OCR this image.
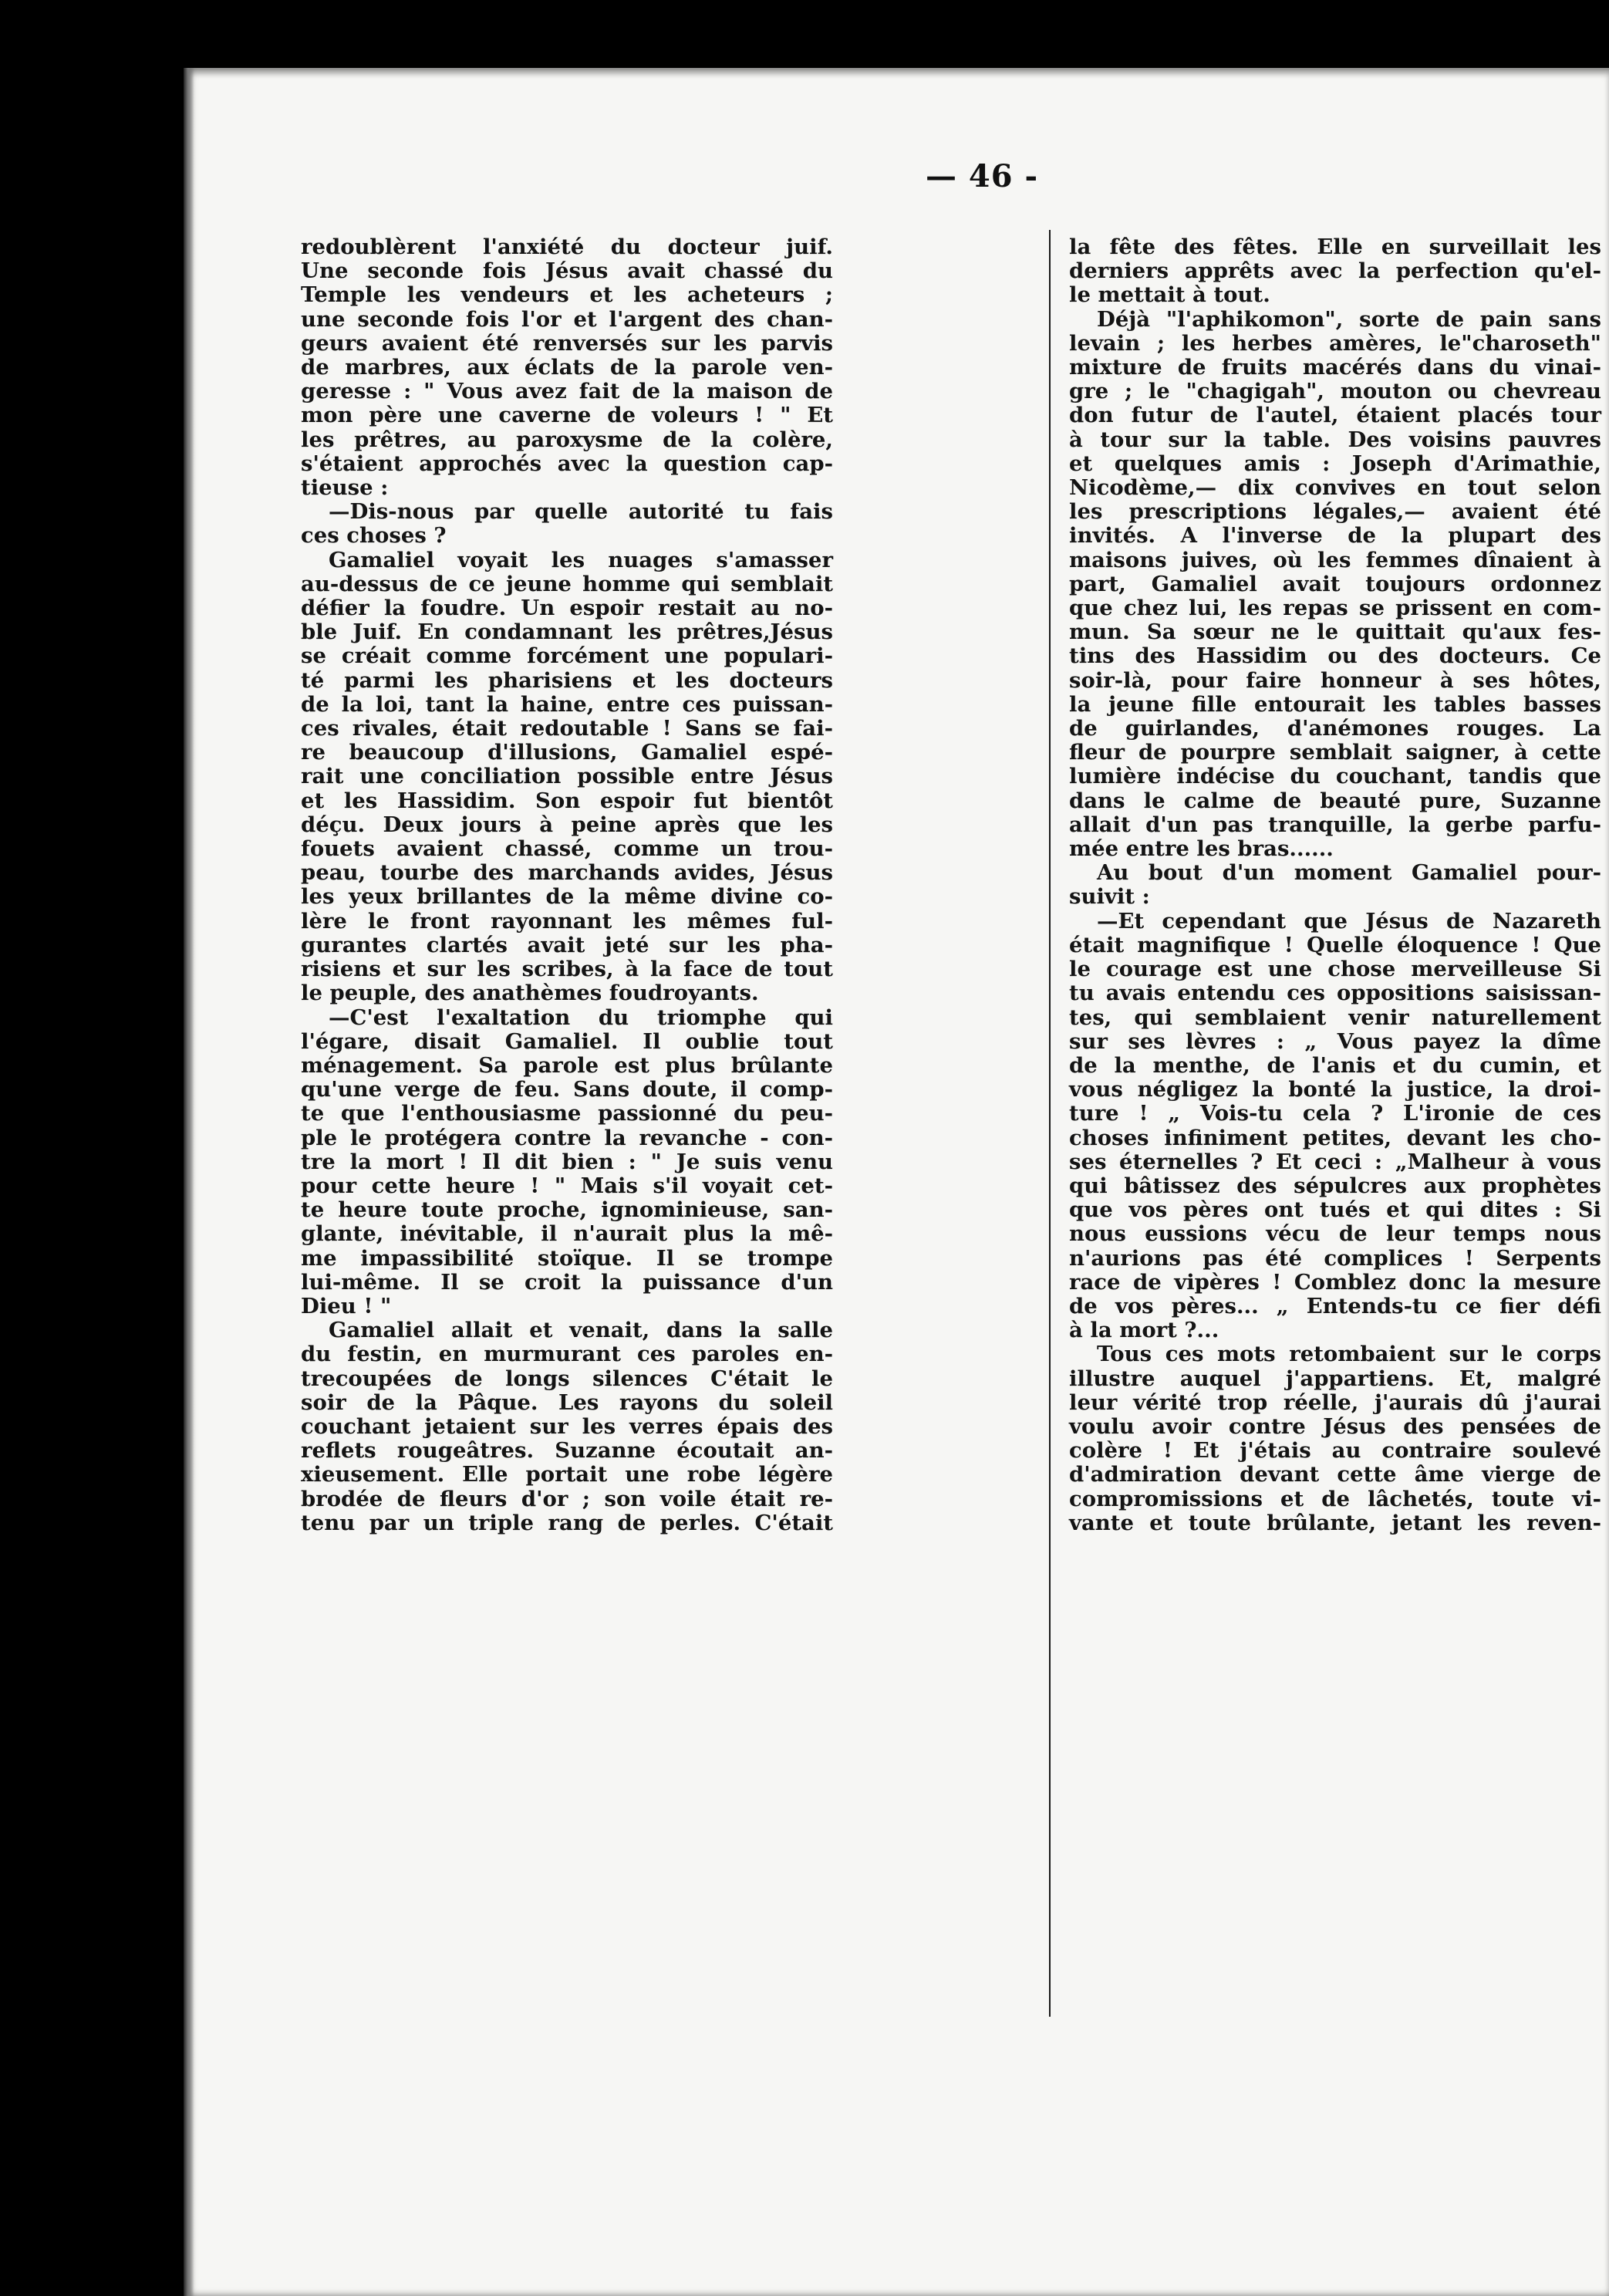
— 46 -
redoublèrent l'anxiété du docteur juif.
Une seconde fois Jésus avait chassé du
Temple les vendeurs et les acheteurs ;
une seconde fois l'or et l'argent des chan-
geurs avaient été renversés sur les parvis
de marbres, aux éclats de la parole ven-
geresse : " Vous avez fait de la maison de
mon père une caverne de voleurs ! " Et
les prêtres, au paroxysme de la colère,
s'étaient approchés avec la question cap-
tieuse :
—Dis-nous par quelle autorité tu fais
ces choses ?
Gamaliel voyait les nuages s'amasser
au-dessus de ce jeune homme qui semblait
défier la foudre. Un espoir restait au no-
ble Juif. En condamnant les prêtres,Jésus
se créait comme forcément une populari-
té parmi les pharisiens et les docteurs
de la loi, tant la haine, entre ces puissan-
ces rivales, était redoutable ! Sans se fai-
re beaucoup d'illusions, Gamaliel espé-
rait une conciliation possible entre Jésus
et les Hassidim. Son espoir fut bientôt
déçu. Deux jours à peine après que les
fouets avaient chassé, comme un trou-
peau, tourbe des marchands avides, Jésus
les yeux brillantes de la même divine co-
lère le front rayonnant les mêmes ful-
gurantes clartés avait jeté sur les pha-
risiens et sur les scribes, à la face de tout
le peuple, des anathèmes foudroyants.
—C'est l'exaltation du triomphe qui
l'égare, disait Gamaliel. Il oublie tout
ménagement. Sa parole est plus brûlante
qu'une verge de feu. Sans doute, il comp-
te que l'enthousiasme passionné du peu-
ple le protégera contre la revanche - con-
tre la mort ! Il dit bien : " Je suis venu
pour cette heure ! " Mais s'il voyait cet-
te heure toute proche, ignominieuse, san-
glante, inévitable, il n'aurait plus la mê-
me impassibilité stoïque. Il se trompe
lui-même. Il se croit la puissance d'un
Dieu ! "
Gamaliel allait et venait, dans la salle
du festin, en murmurant ces paroles en-
trecoupées de longs silences C'était le
soir de la Pâque. Les rayons du soleil
couchant jetaient sur les verres épais des
reflets rougeâtres. Suzanne écoutait an-
xieusement. Elle portait une robe légère
brodée de fleurs d'or ; son voile était re-
tenu par un triple rang de perles. C'était
la fête des fêtes. Elle en surveillait les
derniers apprêts avec la perfection qu'el-
le mettait à tout.
Déjà "l'aphikomon", sorte de pain sans
levain ; les herbes amères, le"charoseth"
mixture de fruits macérés dans du vinai-
gre ; le "chagigah", mouton ou chevreau
don futur de l'autel, étaient placés tour
à tour sur la table. Des voisins pauvres
et quelques amis : Joseph d'Arimathie,
Nicodème,— dix convives en tout selon
les prescriptions légales,— avaient été
invités. A l'inverse de la plupart des
maisons juives, où les femmes dînaient à
part, Gamaliel avait toujours ordonnez
que chez lui, les repas se prissent en com-
mun. Sa sœur ne le quittait qu'aux fes-
tins des Hassidim ou des docteurs. Ce
soir-là, pour faire honneur à ses hôtes,
la jeune fille entourait les tables basses
de guirlandes, d'anémones rouges. La
fleur de pourpre semblait saigner, à cette
lumière indécise du couchant, tandis que
dans le calme de beauté pure, Suzanne
allait d'un pas tranquille, la gerbe parfu-
mée entre les bras......
Au bout d'un moment Gamaliel pour-
suivit :
—Et cependant que Jésus de Nazareth
était magnifique ! Quelle éloquence ! Que
le courage est une chose merveilleuse Si
tu avais entendu ces oppositions saisissan-
tes, qui semblaient venir naturellement
sur ses lèvres : „ Vous payez la dîme
de la menthe, de l'anis et du cumin, et
vous négligez la bonté la justice, la droi-
ture ! „ Vois-tu cela ? L'ironie de ces
choses infiniment petites, devant les cho-
ses éternelles ? Et ceci : „Malheur à vous
qui bâtissez des sépulcres aux prophètes
que vos pères ont tués et qui dites : Si
nous eussions vécu de leur temps nous
n'aurions pas été complices ! Serpents
race de vipères ! Comblez donc la mesure
de vos pères... „ Entends-tu ce fier défi
à la mort ?...
Tous ces mots retombaient sur le corps
illustre auquel j'appartiens. Et, malgré
leur vérité trop réelle, j'aurais dû j'aurai
voulu avoir contre Jésus des pensées de
colère ! Et j'étais au contraire soulevé
d'admiration devant cette âme vierge de
compromissions et de lâchetés, toute vi-
vante et toute brûlante, jetant les reven-
